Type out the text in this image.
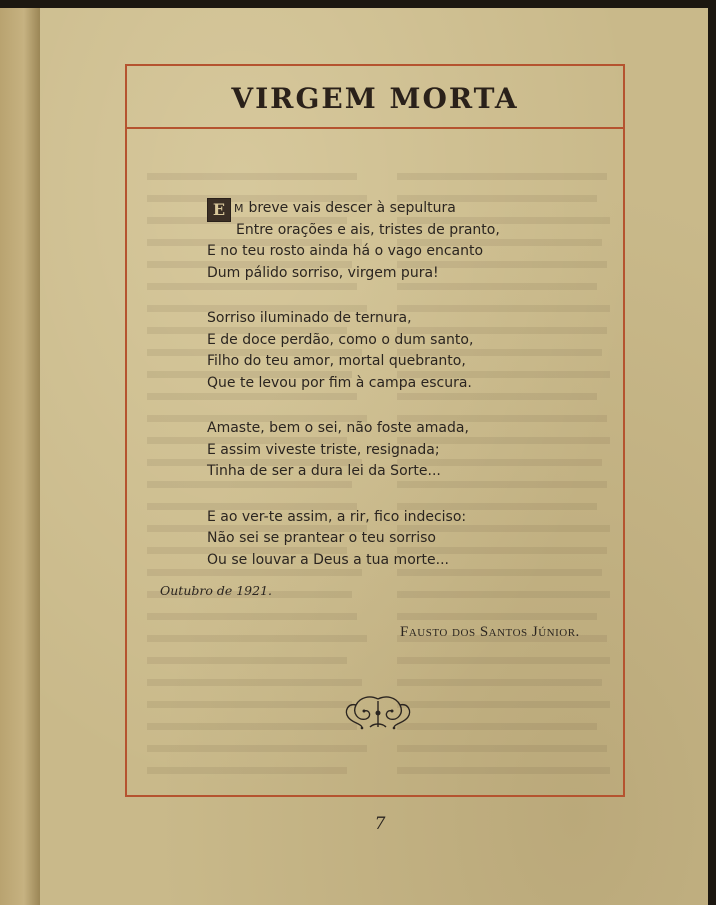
VIRGEM MORTA
E M breve vais descer à sepultura
Entre orações e ais, tristes de pranto,
E no teu rosto ainda há o vago encanto
Dum pálido sorriso, virgem pura!
Sorriso iluminado de ternura,
E de doce perdão, como o dum santo,
Filho do teu amor, mortal quebranto,
Que te levou por fim à campa escura.
Amaste, bem o sei, não foste amada,
E assim viveste triste, resignada;
Tinha de ser a dura lei da Sorte...
E ao ver-te assim, a rir, fico indeciso:
Não sei se prantear o teu sorriso
Ou se louvar a Deus a tua morte...
Outubro de 1921.
Fausto dos Santos Júnior.
7
